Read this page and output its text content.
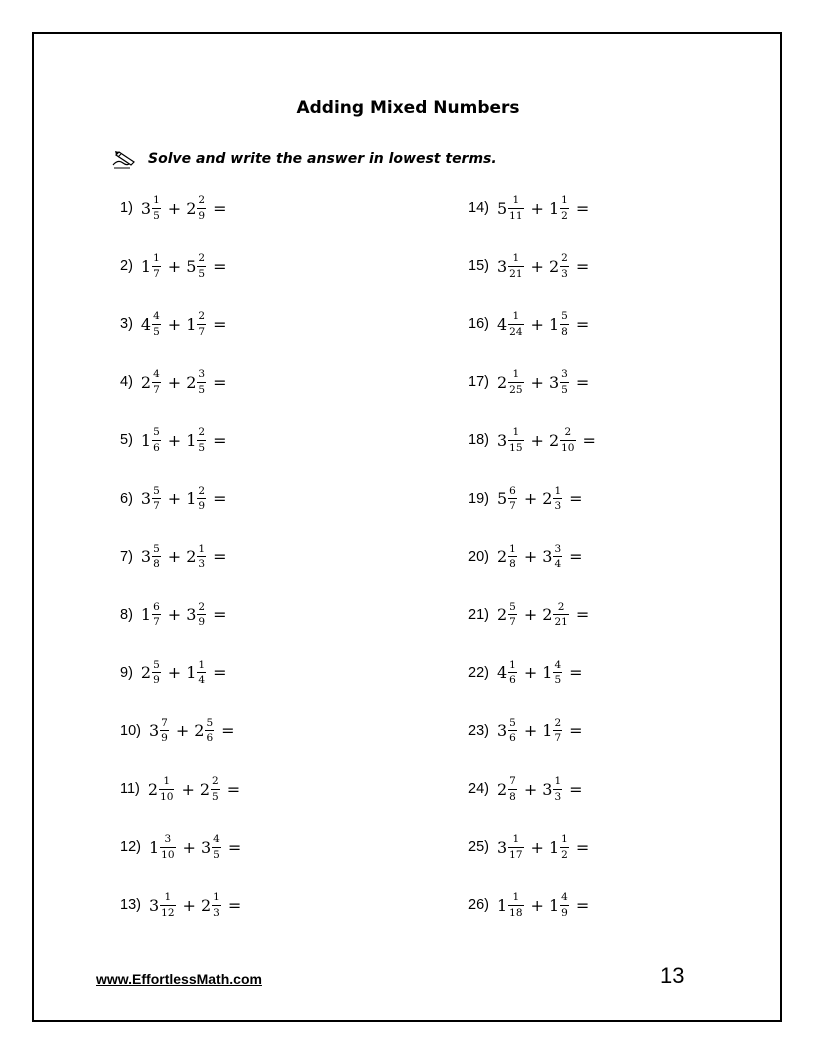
Adding Mixed Numbers
Solve and write the answer in lowest terms.
1) $3 \frac{1}{5} + 2 \frac{2}{9}$ =
2) $1 \frac{1}{7} + 5 \frac{2}{5}$ =
3) $4 \frac{4}{5} + 1 \frac{2}{7}$ =
4) $2 \frac{4}{7} + 2 \frac{3}{5}$ =
5) $1 \frac{5}{6} + 1 \frac{2}{5}$ =
6) $3 \frac{5}{7} + 1 \frac{2}{9}$ =
7) $3 \frac{5}{8} + 2 \frac{1}{3}$ =
8) $1 \frac{6}{7} + 3 \frac{2}{9}$ =
9) $2 \frac{5}{9} + 1 \frac{1}{4}$ =
10) $3 \frac{7}{9} + 2 \frac{5}{6}$ =
11) $2 \frac{1}{10} + 2 \frac{2}{5}$ =
12) $1 \frac{3}{10} + 3 \frac{4}{5}$ =
13) $3 \frac{1}{12} + 2 \frac{1}{3}$ =
14) $5 \frac{1}{11} + 1 \frac{1}{2}$ =
15) $3 \frac{1}{21} + 2 \frac{2}{3}$ =
16) $4 \frac{1}{24} + 1 \frac{5}{8}$ =
17) $2 \frac{1}{25} + 3 \frac{3}{5}$ =
18) $3 \frac{1}{15} + 2 \frac{2}{10}$ =
19) $5 \frac{6}{7} + 2 \frac{1}{3}$ =
20) $2 \frac{1}{8} + 3 \frac{3}{4}$ =
21) $2 \frac{5}{7} + 2 \frac{2}{21}$ =
22) $4 \frac{1}{6} + 1 \frac{4}{5}$ =
23) $3 \frac{5}{6} + 1 \frac{2}{7}$ =
24) $2 \frac{7}{8} + 3 \frac{1}{3}$ =
25) $3 \frac{1}{17} + 1 \frac{1}{2}$ =
26) $1 \frac{1}{18} + 1 \frac{4}{9}$ =
www.EffortlessMath.com	13
